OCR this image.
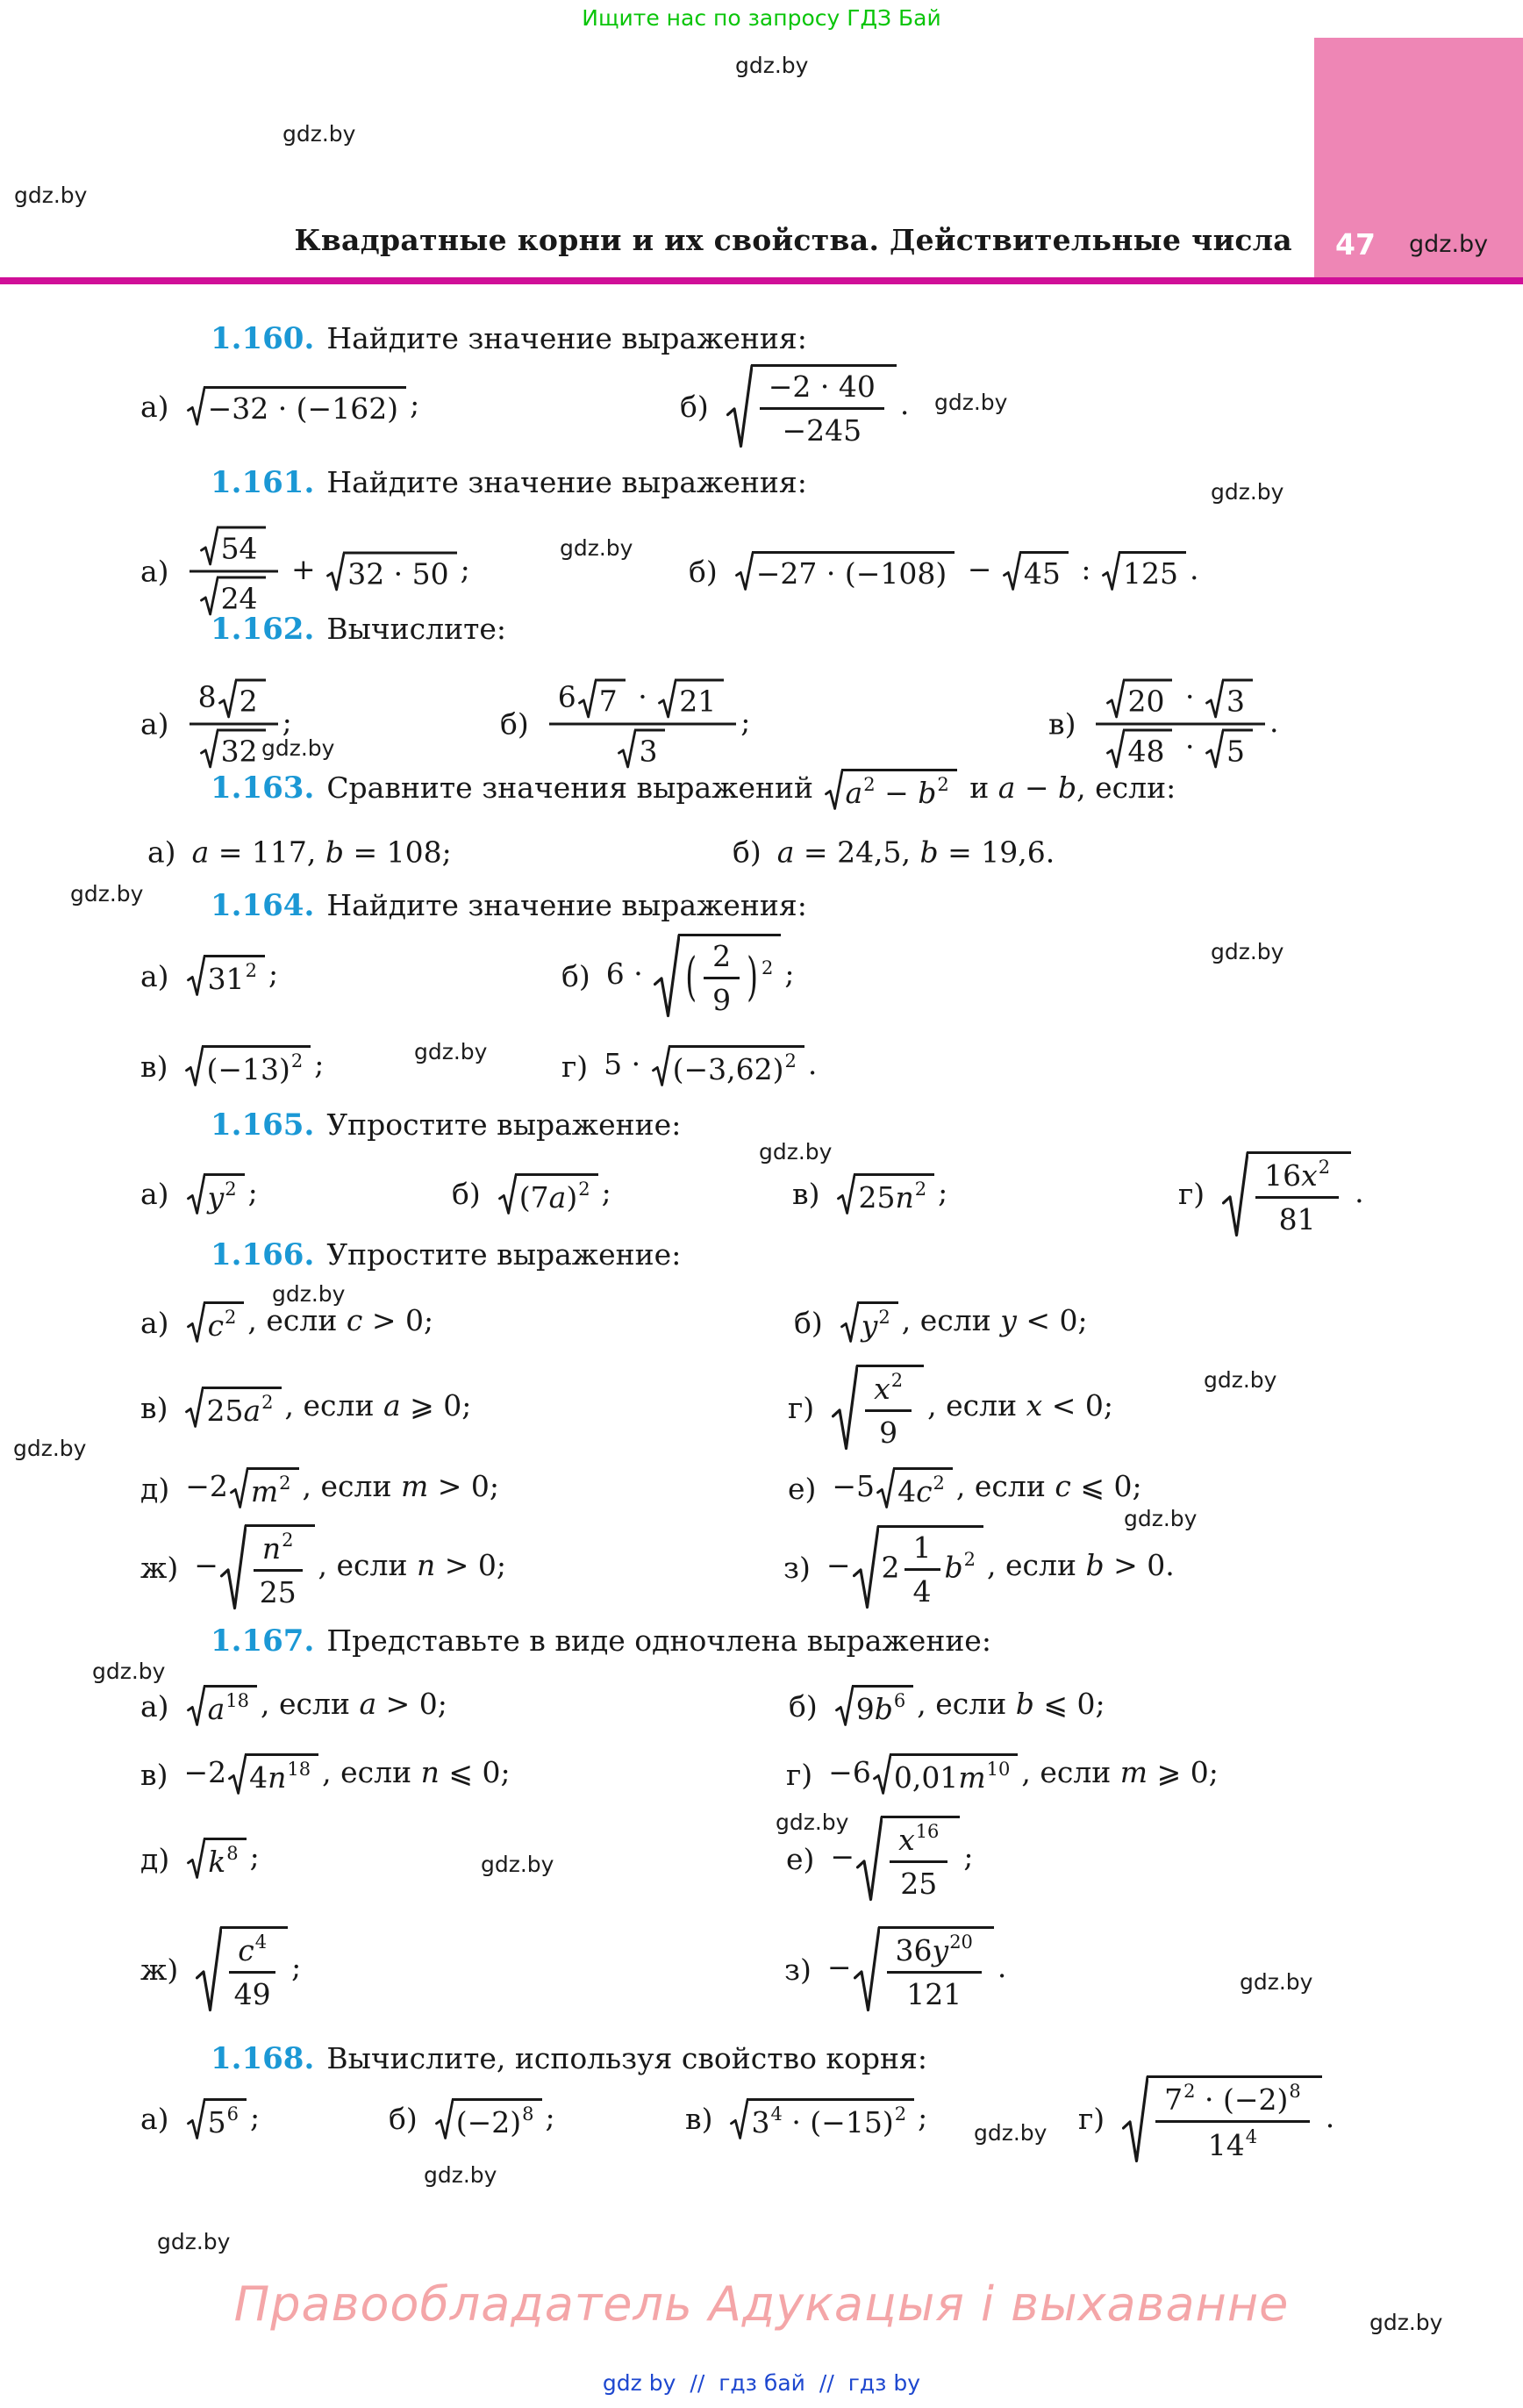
Ищите нас по запросу ГДЗ Бай
gdz.by
gdz.by
gdz.by
gdz.by
gdz.by
gdz.by
gdz.by
gdz.by
gdz.by
gdz.by
gdz.by
gdz.by
gdz.by
gdz.by
gdz.by
gdz.by
gdz.by
gdz.by
gdz.by
gdz.by
gdz.by
gdz.by
gdz.by
47 gdz.by
Квадратные корни и их свойства. Действительные числа
1.160. Найдите значение выражения:
а) −32 · (−162) ;	$б) \frac{-2 \cdot 40}{-245}$ .
1.161. Найдите значение выражения:
$а) \frac{54}{24} + 32 \cdot 50$ ;	б) −27 · (−108) − 45 : 125 .
1.162. Вычислите:
$а) \frac{8 2}{32}$ ;	$б) \frac{6 7 \cdot 21}{3}$ ;	$в) \frac{20 \cdot 3}{48 \cdot 5}$ .
1.163. Сравните значения выражений $a^2 - b^2$ и a − b, если:
а) a = 117, b = 108;	б) a = 24,5, b = 19,6.
1.164. Найдите значение выражения:
а) $31^2$ ;	б) 6 · ( $\frac{2}{9}$ ) $^2$ ;
в) $(-13)^2$ ;	г) $5 \cdot (-3,62)^2$ .
1.165. Упростите выражение:
а) $y^2$ ;	б) $(7a)^2$ ;	в) $25n^2$ ;	$г) \frac{16x^2}{81}$ .
1.166. Упростите выражение:
а) $c^2$ , если c > 0;	б) $y^2$ , если y < 0;
в) $25a^2$ , если a ⩾ 0;	$г) \frac{x^2}{9}$ , если x < 0;
д) −2 $m^2$ , если m > 0;	е) −5 $4c^2$ , если c ⩽ 0;
$ж) - \frac{n^2}{25}$ , если n > 0;	$з) - 2 \frac{1}{4} b^2$ , если b > 0.
1.167. Представьте в виде одночлена выражение:
а) $a^{18}$ , если a > 0;	б) $9b^6$ , если b ⩽ 0;
в) −2 $4n^{18}$ , если n ⩽ 0;	г) −6 $0,01m^{10}$ , если m ⩾ 0;
д) $k^8$ ;	$е) - \frac{x^{16}}{25}$ ;
$ж) \frac{c^4}{49}$ ;	$з) - \frac{36y^{20}}{121}$ .
1.168. Вычислите, используя свойство корня:
а) $5^6$ ;	б) $(-2)^8$ ;	в) $3^4 \cdot (-15)^2$ ;	$г) \frac{7^2 \cdot (-2)^8}{14^4}$ .
Правообладатель Адукацыя і выхаванне
gdz by // гдз бай // гдз by
